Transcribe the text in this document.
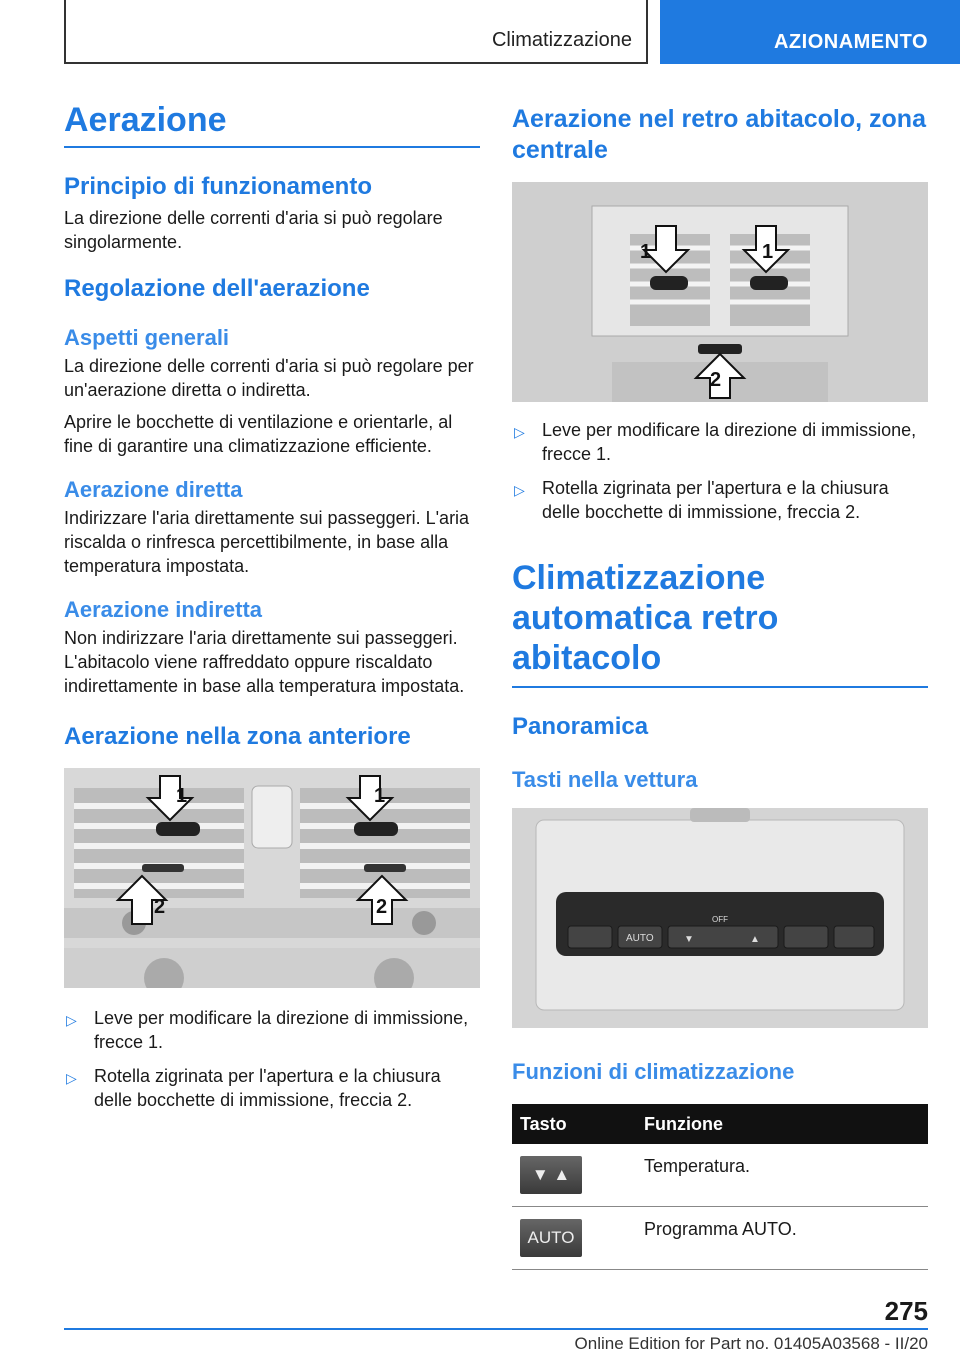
Climatizzazione	AZIONAMENTO
Aerazione
Principio di funzionamento

La direzione delle correnti d'aria si può regolare singolarmente.

Regolazione dell'aerazione
Aspetti generali

La direzione delle correnti d'aria si può regolare per un'aerazione diretta o indiretta.

Aprire le bocchette di ventilazione e orientarle, al fine di garantire una climatizzazione efficiente.

Aerazione diretta

Indirizzare l'aria direttamente sui passeggeri. L'aria riscalda o rinfresca percettibilmente, in base alla temperatura impostata.

Aerazione indiretta

Non indirizzare l'aria direttamente sui passeggeri. L'abitacolo viene raffreddato oppure riscaldato indirettamente in base alla temperatura impostata.

Aerazione nella zona anteriore
1	1
2	2
▷ Leve per modificare la direzione di immissione, frecce 1.
▷ Rotella zigrinata per l'apertura e la chiusura delle bocchette di immissione, freccia 2.
Aerazione nel retro abitacolo, zona centrale
1	1
2
▷ Leve per modificare la direzione di immissione, frecce 1.
▷ Rotella zigrinata per l'apertura e la chiusura delle bocchette di immissione, freccia 2.
Climatizzazione automatica retro abitacolo
Panoramica
Tasti nella vettura
AUTO
OFF
▼	▲
Funzioni di climatizzazione
Tasto	Funzione

▼ ▲	Temperatura.

AUTO	Programma AUTO.
275
Online Edition for Part no. 01405A03568 - II/20
